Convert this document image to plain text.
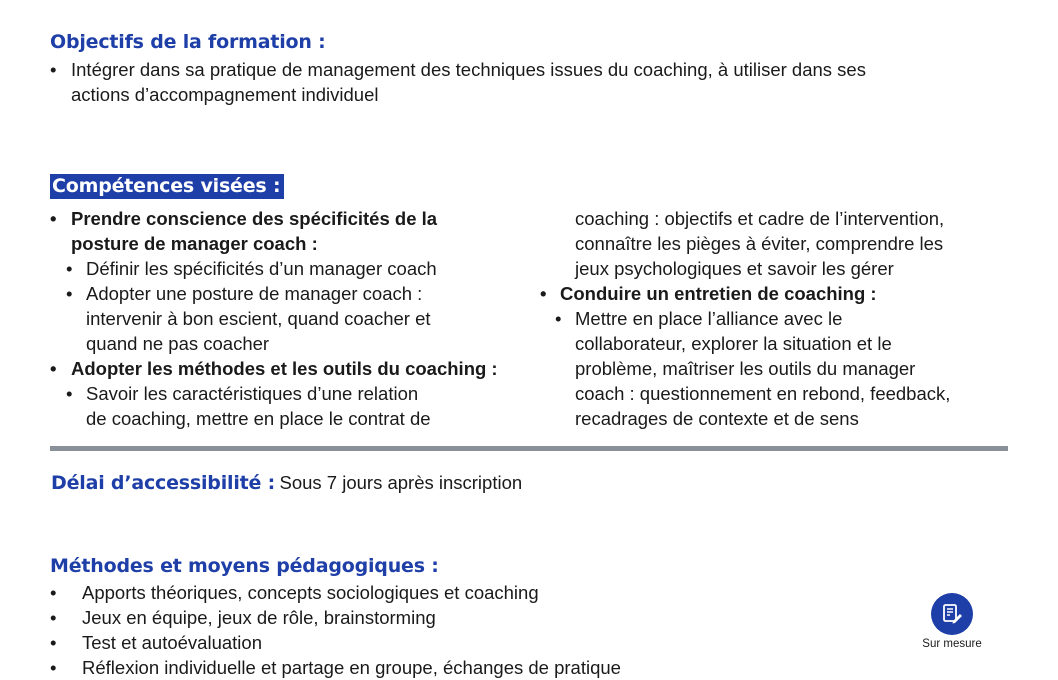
Objectifs de la formation :
• Intégrer dans sa pratique de management des techniques issues du coaching, à utiliser dans ses
actions d’accompagnement individuel
Compétences visées :
• Prendre conscience des spécificités de la
posture de manager coach :
• Définir les spécificités d’un manager coach
• Adopter une posture de manager coach :
intervenir à bon escient, quand coacher et
quand ne pas coacher
• Adopter les méthodes et les outils du coaching :
• Savoir les caractéristiques d’une relation
de coaching, mettre en place le contrat de
coaching : objectifs et cadre de l’intervention,
connaître les pièges à éviter, comprendre les
jeux psychologiques et savoir les gérer
• Conduire un entretien de coaching :
• Mettre en place l’alliance avec le
collaborateur, explorer la situation et le
problème, maîtriser les outils du manager
coach : questionnement en rebond, feedback,
recadrages de contexte et de sens
Délai d’accessibilité : Sous 7 jours après inscription
Méthodes et moyens pédagogiques :
• Apports théoriques, concepts sociologiques et coaching
• Jeux en équipe, jeux de rôle, brainstorming
• Test et autoévaluation
• Réflexion individuelle et partage en groupe, échanges de pratique
Sur mesure
